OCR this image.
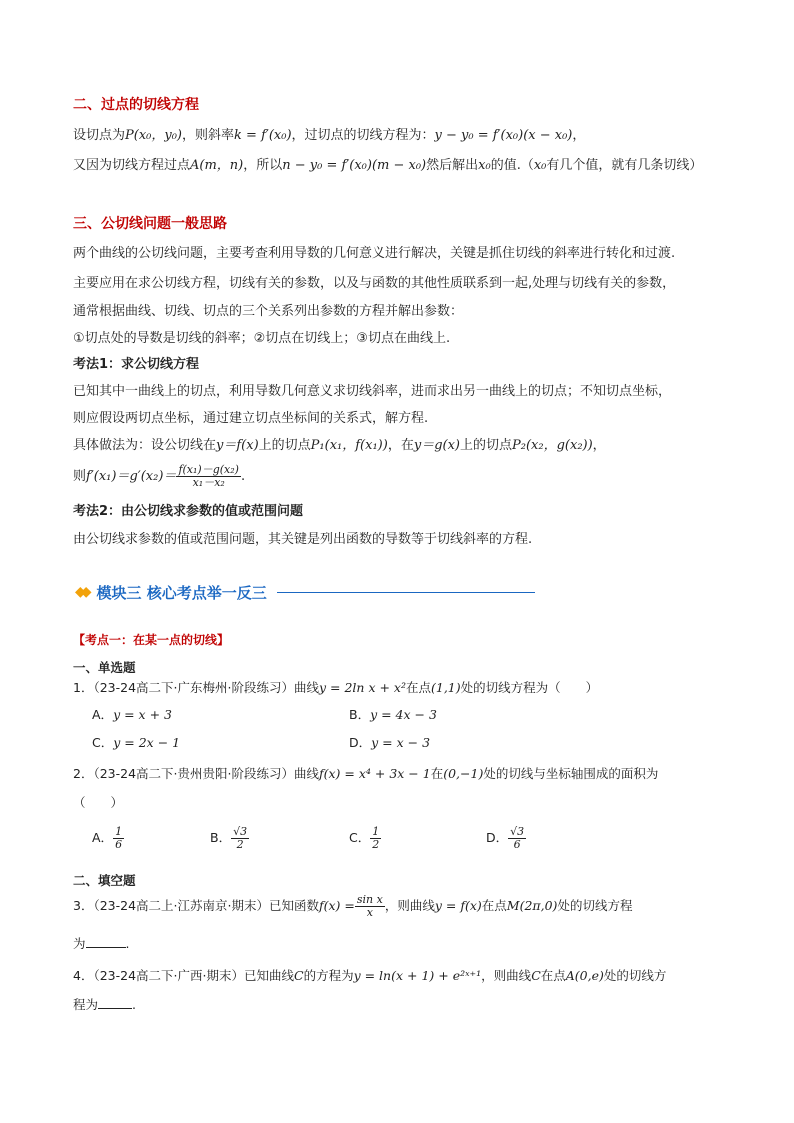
二、过点的切线方程
设切点为P(x₀，y₀)，则斜率k = f′(x₀)，过切点的切线方程为：y − y₀ = f′(x₀)(x − x₀)，
又因为切线方程过点A(m，n)，所以n − y₀ = f′(x₀)(m − x₀)然后解出x₀的值.（x₀有几个值，就有几条切线）
三、公切线问题一般思路
两个曲线的公切线问题，主要考查利用导数的几何意义进行解决，关键是抓住切线的斜率进行转化和过渡.
主要应用在求公切线方程，切线有关的参数，以及与函数的其他性质联系到一起,处理与切线有关的参数，
通常根据曲线、切线、切点的三个关系列出参数的方程并解出参数：
①切点处的导数是切线的斜率；②切点在切线上；③切点在曲线上.
考法1：求公切线方程
已知其中一曲线上的切点，利用导数几何意义求切线斜率，进而求出另一曲线上的切点；不知切点坐标，
则应假设两切点坐标，通过建立切点坐标间的关系式，解方程.
具体做法为：设公切线在y＝f(x)上的切点P₁(x₁，f(x₁))，在y＝g(x)上的切点P₂(x₂，g(x₂))，
则$f'(x_1)=g'(x_2)= \frac{\text{f(x₁)－g(x₂)}}{\text{x₁－x₂}}$ .
考法2：由公切线求参数的值或范围问题
由公切线求参数的值或范围问题，其关键是列出函数的导数等于切线斜率的方程.
◆◆ 模块三 核心考点举一反三
【考点一：在某一点的切线】
一、单选题
1．（23-24高二下·广东梅州·阶段练习）曲线y = 2ln x + x²在点(1,1)处的切线方程为（　　）
A．y = x + 3	B．y = 4x − 3
C．y = 2x − 1	D．y = x − 3
2．（23-24高二下·贵州贵阳·阶段练习）曲线f(x) = x⁴ + 3x − 1在(0,−1)处的切线与坐标轴围成的面积为
（　　）
A． $\frac{1}{6}$	B． $\frac{√3}{2}$	C． $\frac{1}{2}$	D． $\frac{√3}{6}$
二、填空题
3．（23-24高二上·江苏南京·期末）已知函数$f(x) = \frac{\text{sin x}}{x}$ ，则曲线y = f(x)在点M(2π,0)处的切线方程
为	.
4．（23-24高二下·广西·期末）已知曲线C的方程为y = ln(x + 1) + e²ˣ⁺¹，则曲线C在点A(0,e)处的切线方
程为	.
